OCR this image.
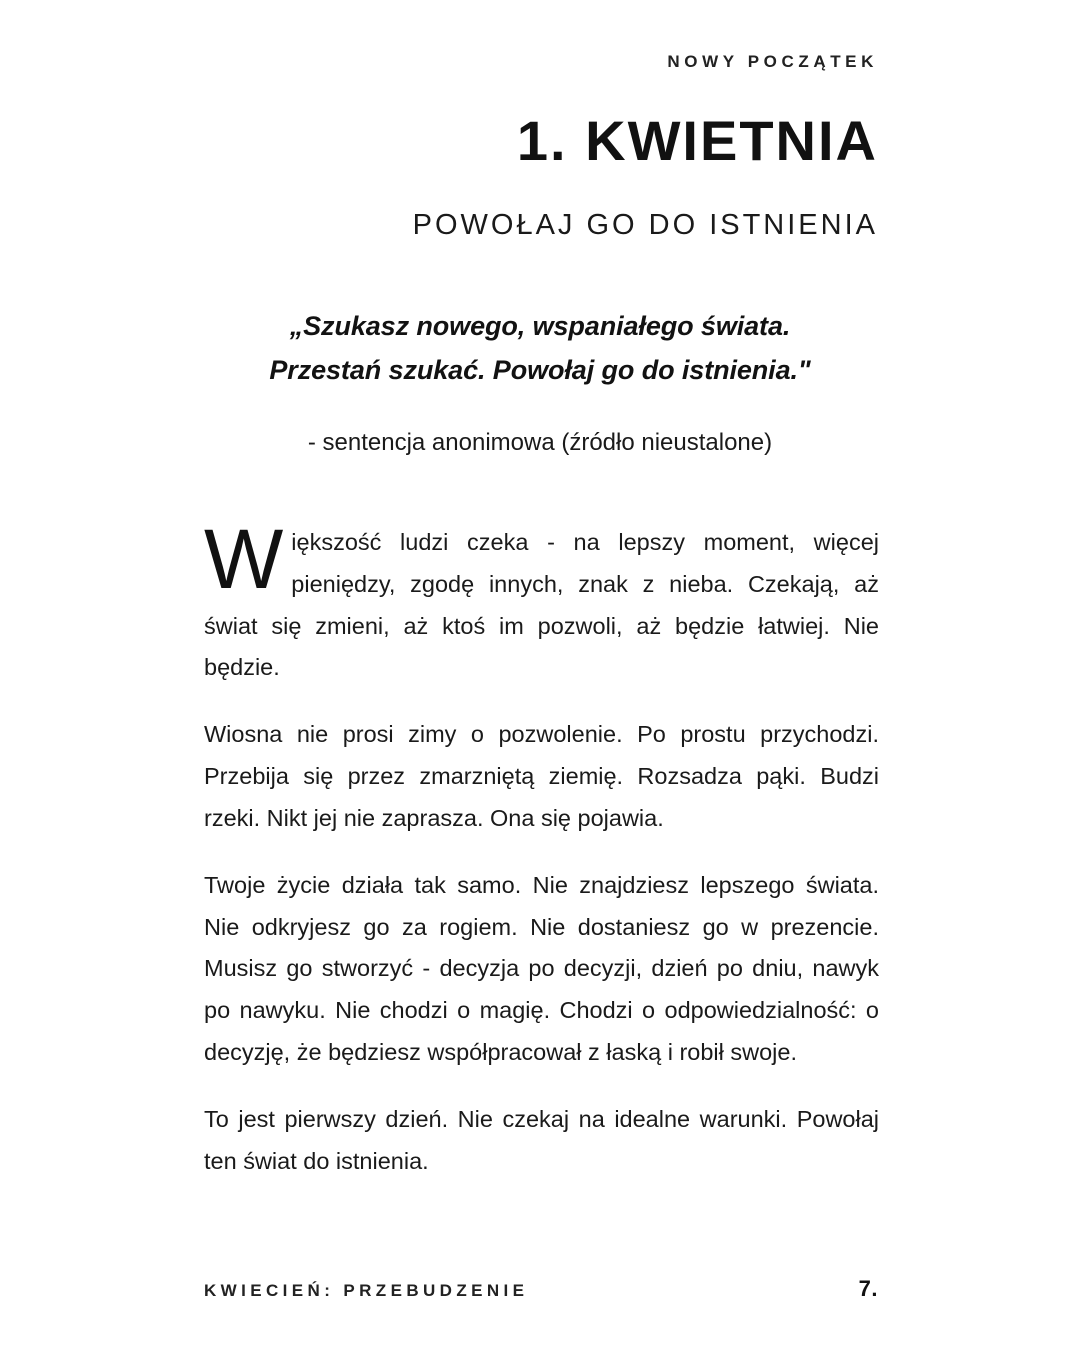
NOWY POCZĄTEK
1. KWIETNIA
POWOŁAJ GO DO ISTNIENIA
„Szukasz nowego, wspaniałego świata.
Przestań szukać. Powołaj go do istnienia."
- sentencja anonimowa (źródło nieustalone)

Większość ludzi czeka - na lepszy moment, więcej pieniędzy, zgodę innych, znak z nieba. Czekają, aż świat się zmieni, aż ktoś im pozwoli, aż będzie łatwiej. Nie będzie.

Wiosna nie prosi zimy o pozwolenie. Po prostu przychodzi. Przebija się przez zmarzniętą ziemię. Rozsadza pąki. Budzi rzeki. Nikt jej nie zaprasza. Ona się pojawia.

Twoje życie działa tak samo. Nie znajdziesz lepszego świata. Nie odkryjesz go za rogiem. Nie dostaniesz go w prezencie. Musisz go stworzyć - decyzja po decyzji, dzień po dniu, nawyk po nawyku. Nie chodzi o magię. Chodzi o odpowiedzialność: o decyzję, że będziesz współpracował z łaską i robił swoje.

To jest pierwszy dzień. Nie czekaj na idealne warunki. Powołaj ten świat do istnienia.

KWIECIEŃ: PRZEBUDZENIE	7.
